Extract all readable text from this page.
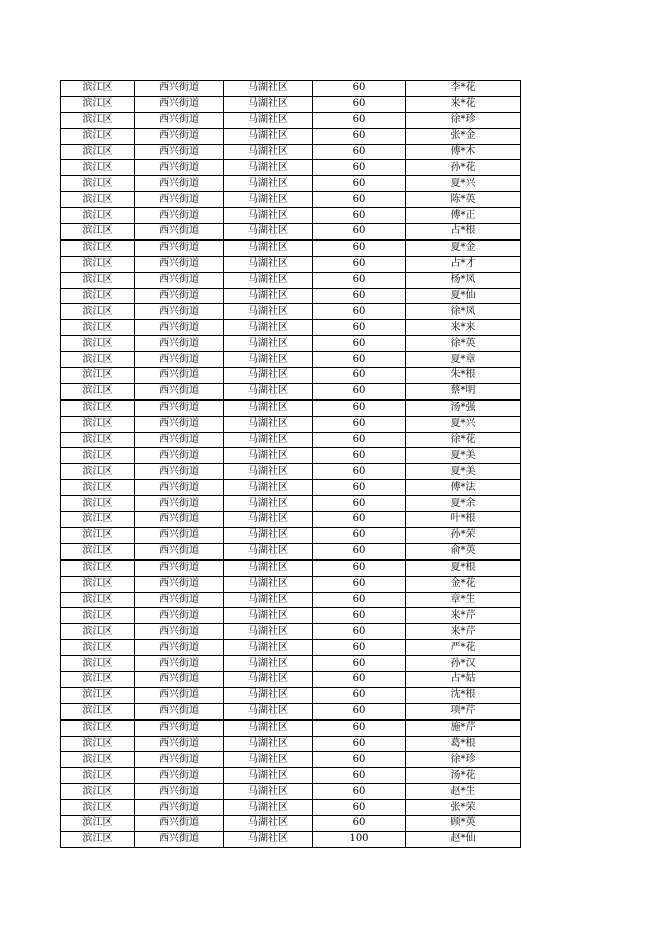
滨江区	西兴街道	马湖社区	60	李*花
滨江区	西兴街道	马湖社区	60	来*花
滨江区	西兴街道	马湖社区	60	徐*珍
滨江区	西兴街道	马湖社区	60	张*金
滨江区	西兴街道	马湖社区	60	傅*木
滨江区	西兴街道	马湖社区	60	孙*花
滨江区	西兴街道	马湖社区	60	夏*兴
滨江区	西兴街道	马湖社区	60	陈*英
滨江区	西兴街道	马湖社区	60	傅*正
滨江区	西兴街道	马湖社区	60	占*根
滨江区	西兴街道	马湖社区	60	夏*金
滨江区	西兴街道	马湖社区	60	占*才
滨江区	西兴街道	马湖社区	60	杨*凤
滨江区	西兴街道	马湖社区	60	夏*仙
滨江区	西兴街道	马湖社区	60	徐*凤
滨江区	西兴街道	马湖社区	60	来*来
滨江区	西兴街道	马湖社区	60	徐*英
滨江区	西兴街道	马湖社区	60	夏*章
滨江区	西兴街道	马湖社区	60	朱*根
滨江区	西兴街道	马湖社区	60	蔡*明
滨江区	西兴街道	马湖社区	60	汤*强
滨江区	西兴街道	马湖社区	60	夏*兴
滨江区	西兴街道	马湖社区	60	徐*花
滨江区	西兴街道	马湖社区	60	夏*美
滨江区	西兴街道	马湖社区	60	夏*美
滨江区	西兴街道	马湖社区	60	傅*法
滨江区	西兴街道	马湖社区	60	夏*余
滨江区	西兴街道	马湖社区	60	叶*根
滨江区	西兴街道	马湖社区	60	孙*荣
滨江区	西兴街道	马湖社区	60	俞*英
滨江区	西兴街道	马湖社区	60	夏*根
滨江区	西兴街道	马湖社区	60	金*花
滨江区	西兴街道	马湖社区	60	章*生
滨江区	西兴街道	马湖社区	60	来*芹
滨江区	西兴街道	马湖社区	60	来*芹
滨江区	西兴街道	马湖社区	60	严*花
滨江区	西兴街道	马湖社区	60	孙*汉
滨江区	西兴街道	马湖社区	60	占*姑
滨江区	西兴街道	马湖社区	60	沈*根
滨江区	西兴街道	马湖社区	60	项*芹
滨江区	西兴街道	马湖社区	60	施*芹
滨江区	西兴街道	马湖社区	60	葛*根
滨江区	西兴街道	马湖社区	60	徐*珍
滨江区	西兴街道	马湖社区	60	汤*花
滨江区	西兴街道	马湖社区	60	赵*生
滨江区	西兴街道	马湖社区	60	张*荣
滨江区	西兴街道	马湖社区	60	顾*英
滨江区	西兴街道	马湖社区	100	赵*仙
